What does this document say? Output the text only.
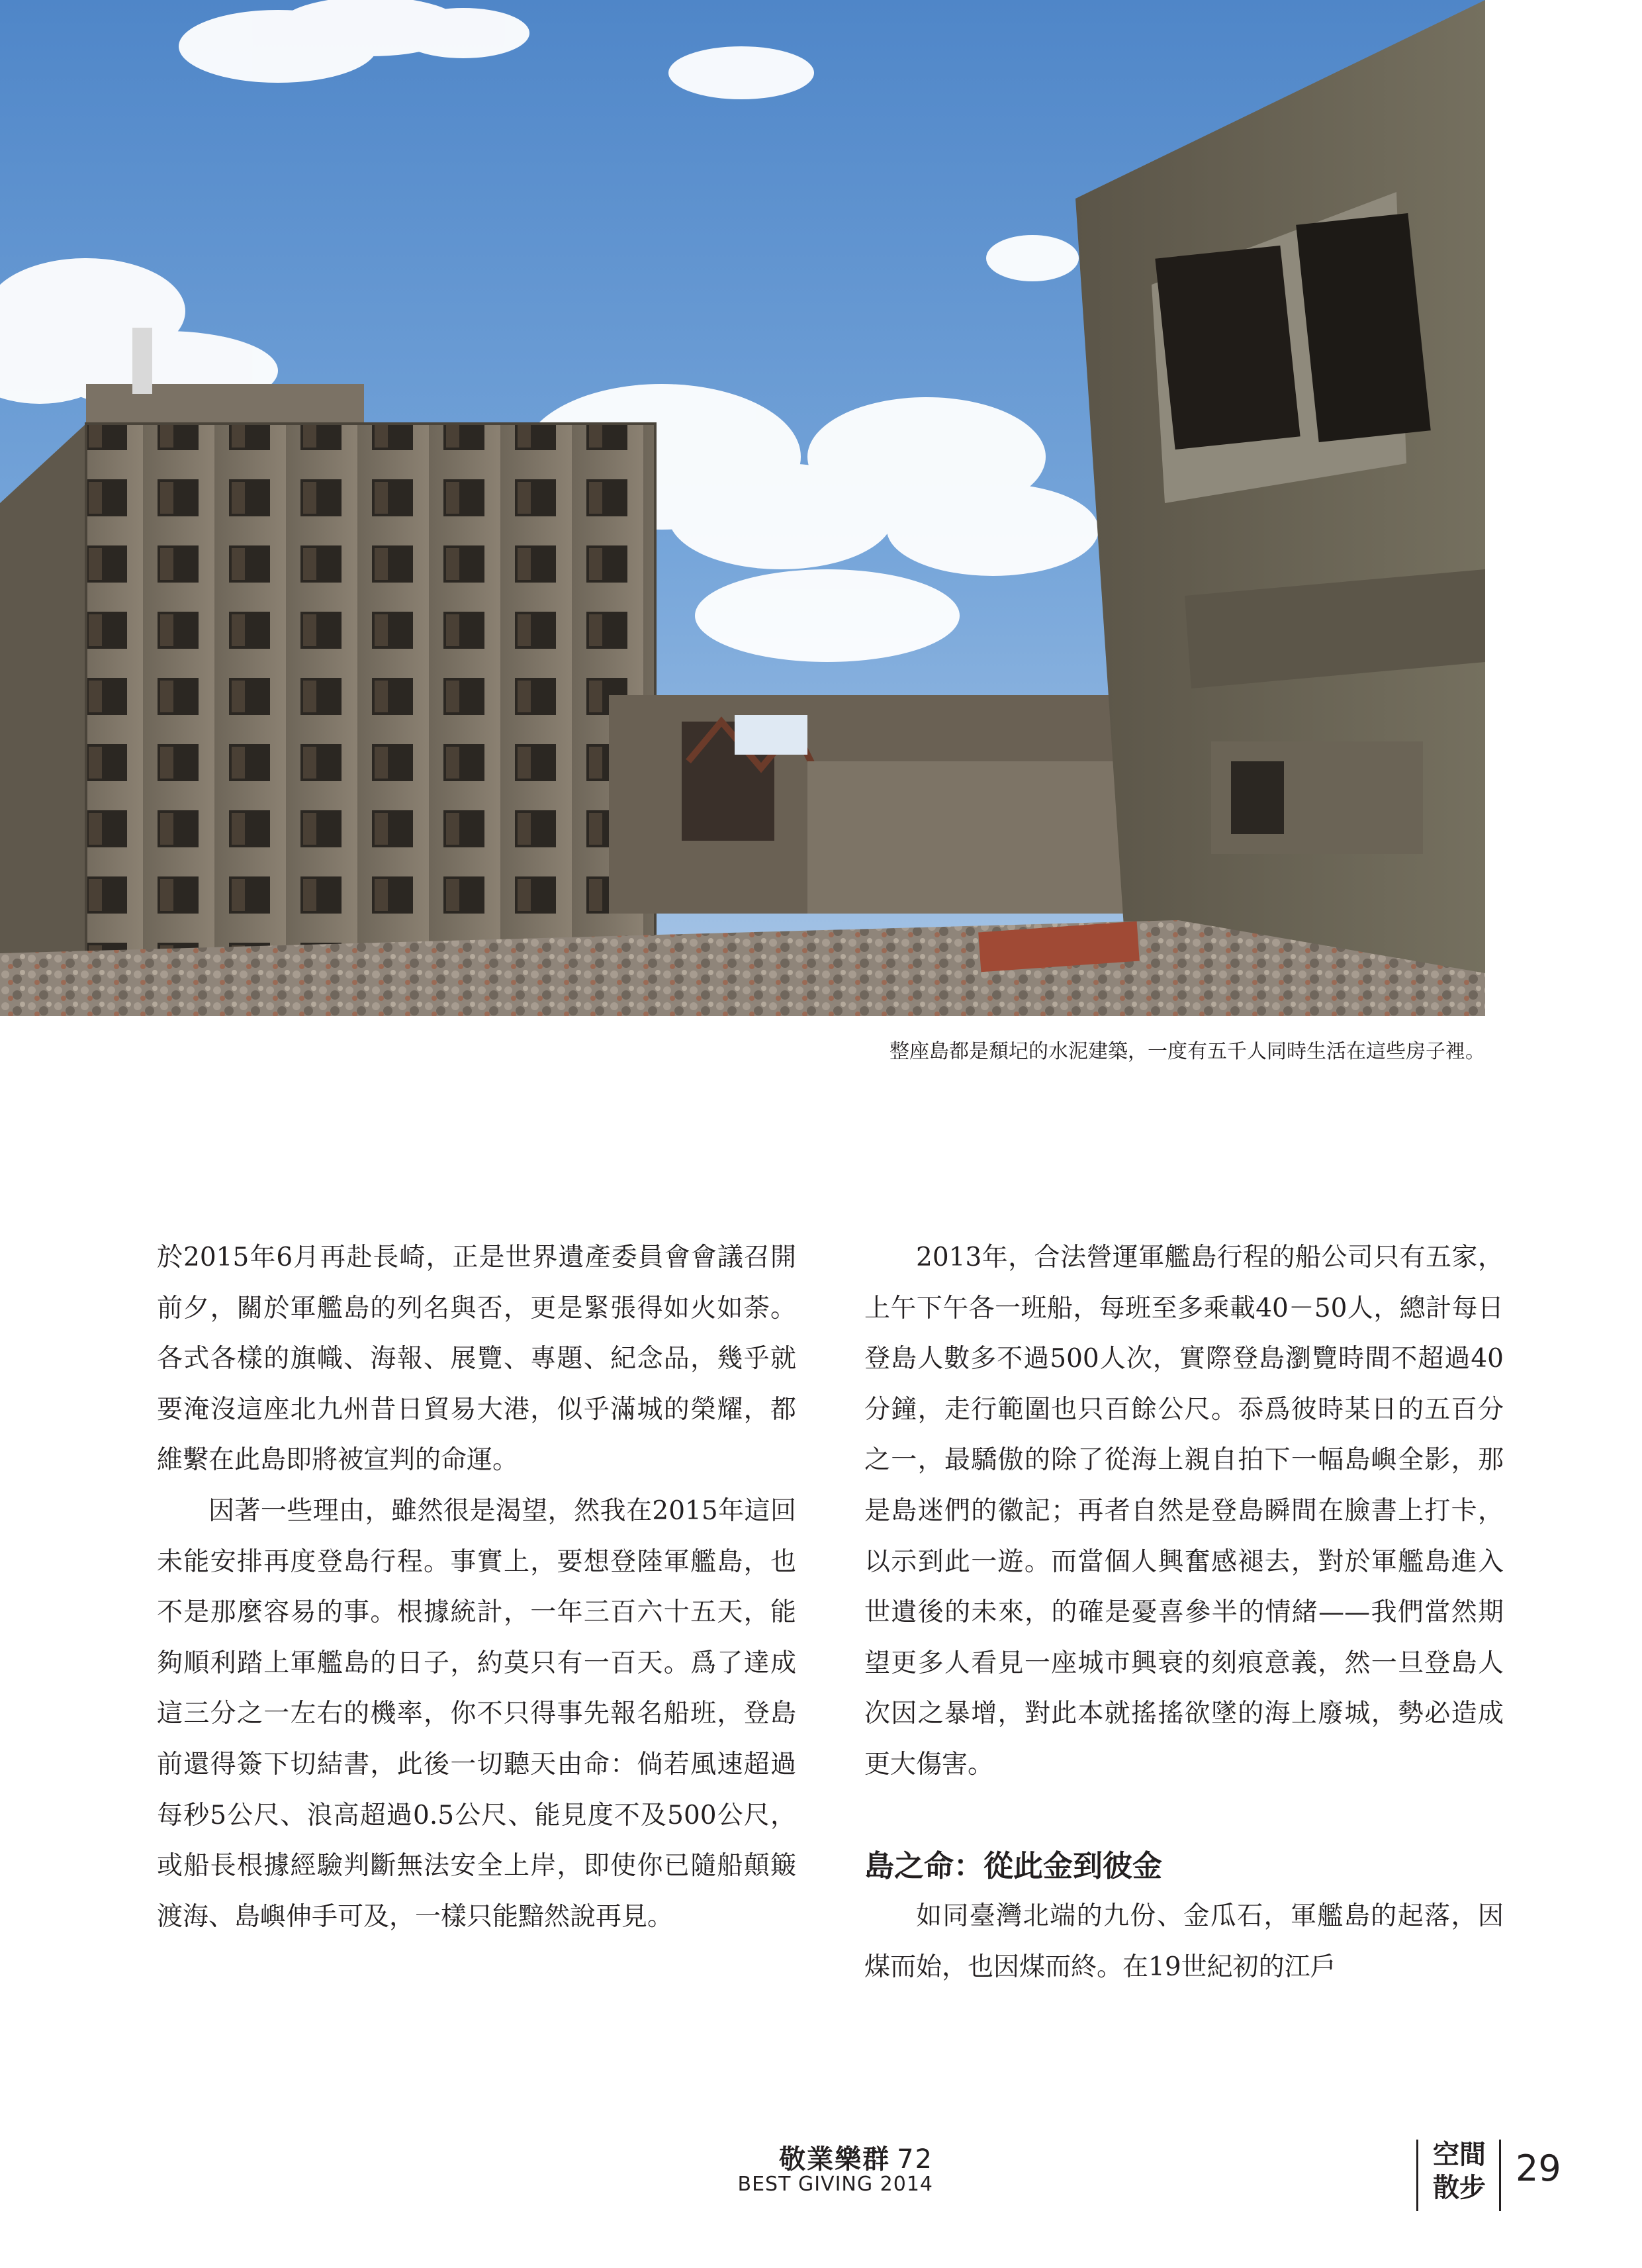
整座島都是頹圮的水泥建築，一度有五千人同時生活在這些房子裡。

於2015年6月再赴長崎，正是世界遺產委員會會議召開前夕，關於軍艦島的列名與否，更是緊張得如火如荼。各式各樣的旗幟、海報、展覽、專題、紀念品，幾乎就要淹沒這座北九州昔日貿易大港，似乎滿城的榮耀，都維繫在此島即將被宣判的命運。

因著一些理由，雖然很是渴望，然我在2015年這回未能安排再度登島行程。事實上，要想登陸軍艦島，也不是那麼容易的事。根據統計，一年三百六十五天，能夠順利踏上軍艦島的日子，約莫只有一百天。爲了達成這三分之一左右的機率，你不只得事先報名船班，登島前還得簽下切結書，此後一切聽天由命：倘若風速超過每秒5公尺、浪高超過0.5公尺、能見度不及500公尺，或船長根據經驗判斷無法安全上岸，即使你已隨船顛簸渡海、島嶼伸手可及，一樣只能黯然說再見。

2013年，合法營運軍艦島行程的船公司只有五家，上午下午各一班船，每班至多乘載40－50人，總計每日登島人數多不過500人次，實際登島瀏覽時間不超過40分鐘，走行範圍也只百餘公尺。忝爲彼時某日的五百分之一，最驕傲的除了從海上親自拍下一幅島嶼全影，那是島迷們的徽記；再者自然是登島瞬間在臉書上打卡，以示到此一遊。而當個人興奮感褪去，對於軍艦島進入世遺後的未來，的確是憂喜參半的情緒——我們當然期望更多人看見一座城市興衰的刻痕意義，然一旦登島人次因之暴增，對此本就搖搖欲墜的海上廢城，勢必造成更大傷害。

島之命：從此金到彼金

如同臺灣北端的九份、金瓜石，軍艦島的起落，因煤而始，也因煤而終。在19世紀初的江戶

敬業樂群 72
BEST GIVING 2014
空間
散步 29
